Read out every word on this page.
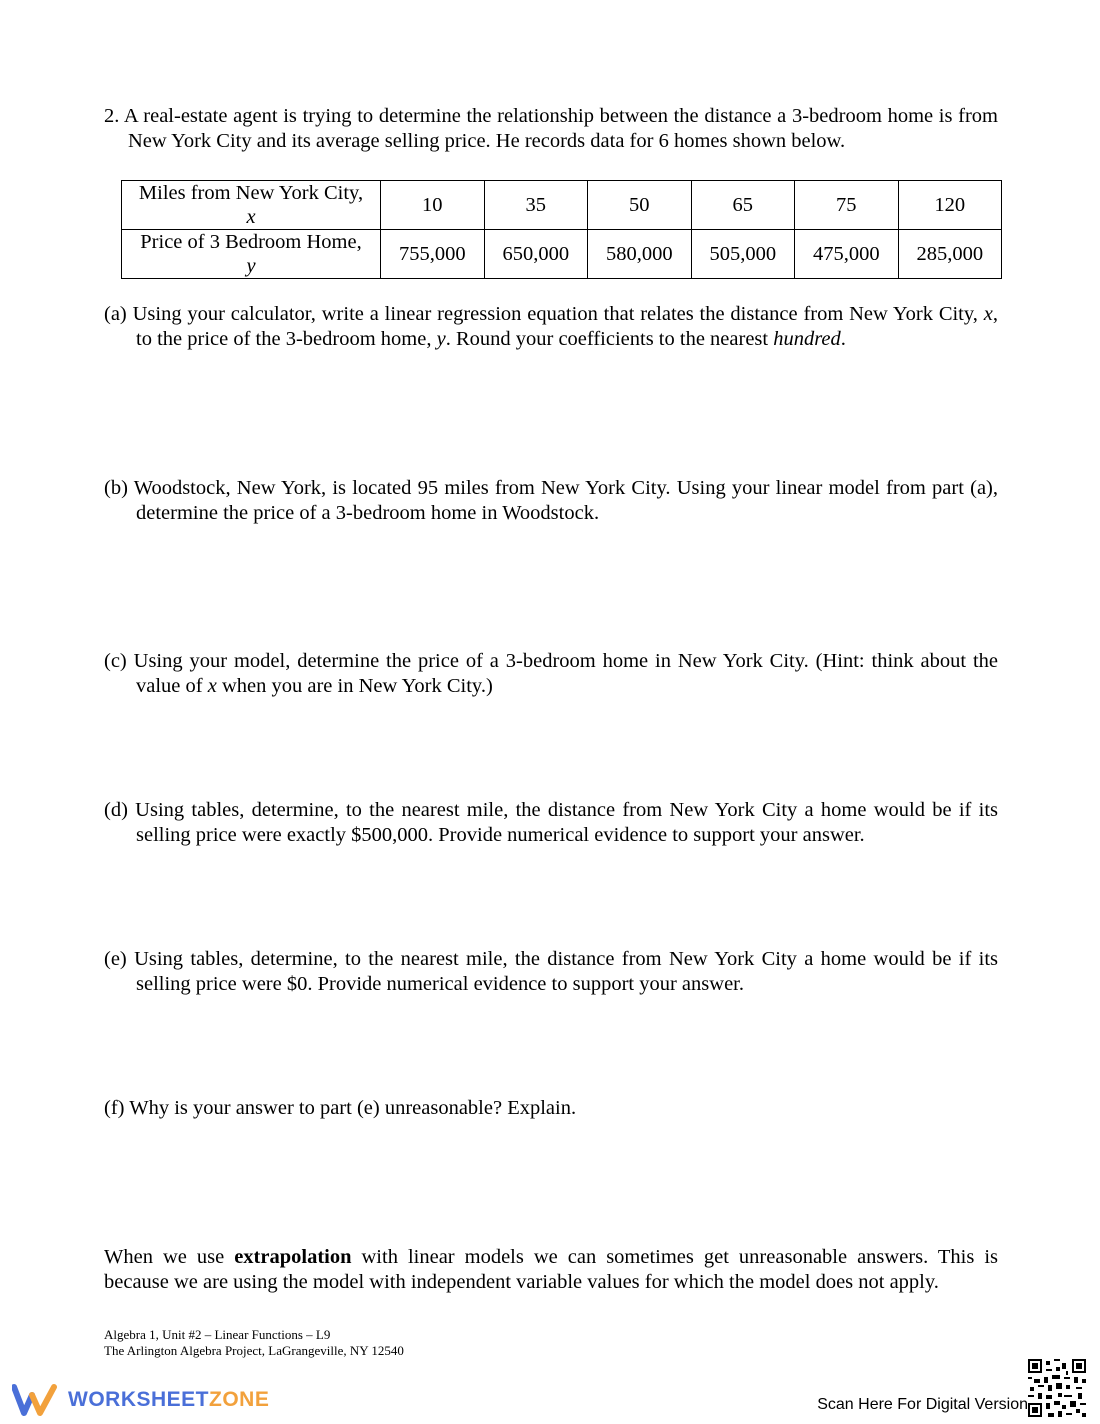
2. A real-estate agent is trying to determine the relationship between the distance a 3-bedroom home is from New York City and its average selling price. He records data for 6 homes shown below.
Miles from New York City,
x	10	35	50	65	75	120
Price of 3 Bedroom Home,
y	755,000	650,000	580,000	505,000	475,000	285,000
(a) Using your calculator, write a linear regression equation that relates the distance from New York City, x, to the price of the 3-bedroom home, y. Round your coefficients to the nearest hundred.
(b) Woodstock, New York, is located 95 miles from New York City. Using your linear model from part (a), determine the price of a 3-bedroom home in Woodstock.
(c) Using your model, determine the price of a 3-bedroom home in New York City. (Hint: think about the value of x when you are in New York City.)
(d) Using tables, determine, to the nearest mile, the distance from New York City a home would be if its selling price were exactly $500,000. Provide numerical evidence to support your answer.
(e) Using tables, determine, to the nearest mile, the distance from New York City a home would be if its selling price were $0. Provide numerical evidence to support your answer.
(f) Why is your answer to part (e) unreasonable? Explain.
When we use extrapolation with linear models we can sometimes get unreasonable answers. This is because we are using the model with independent variable values for which the model does not apply.
Algebra 1, Unit #2 – Linear Functions – L9
The Arlington Algebra Project, LaGrangeville, NY 12540
WORKSHEETZONE	Scan Here For Digital Version
